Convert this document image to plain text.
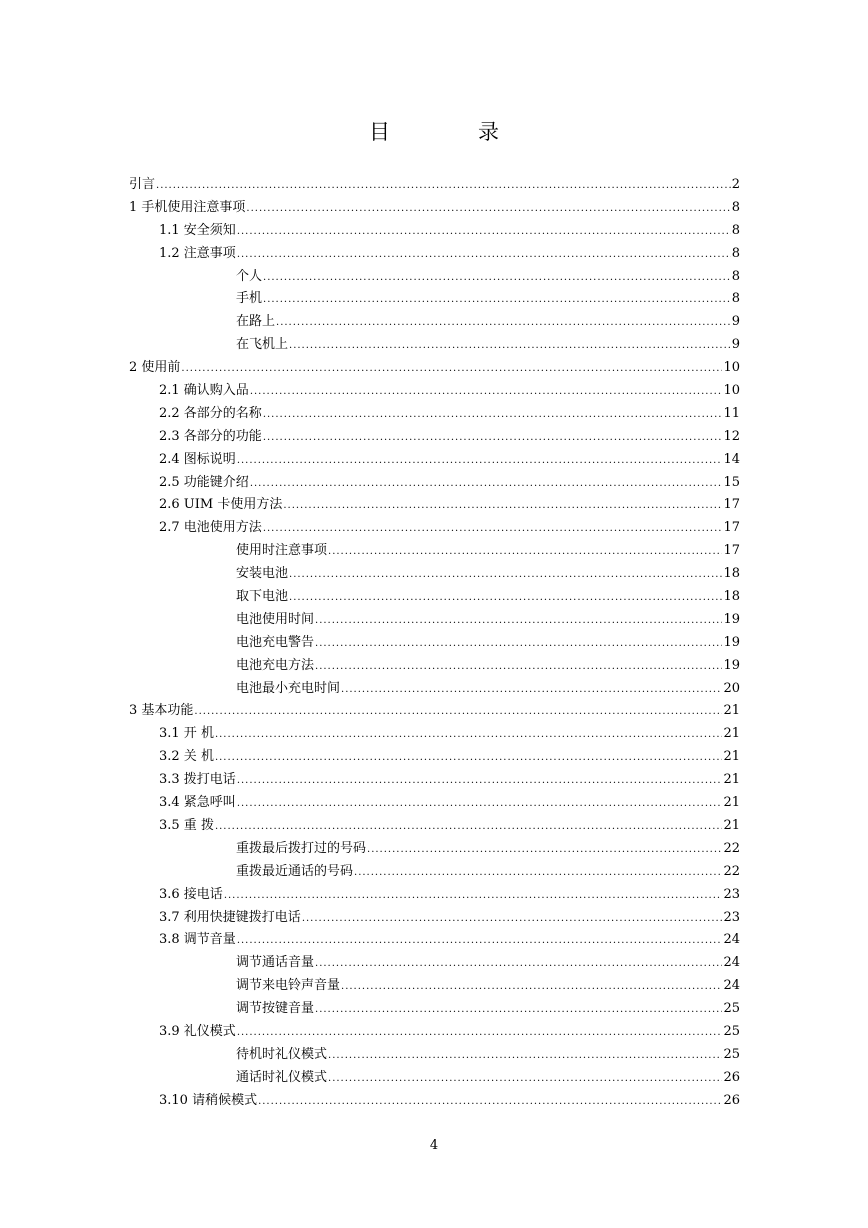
目	录
引言 .....	2
1 手机使用注意事项 .....	8
1.1 安全须知 .....	8
1.2 注意事项 .....	8
个人 .....	8
手机 .....	8
在路上 .....	9
在飞机上 .....	9
2 使用前 .....	10
2.1 确认购入品 .....	10
2.2 各部分的名称 .....	11
2.3 各部分的功能 .....	12
2.4 图标说明 .....	14
2.5 功能键介绍 .....	15
2.6 UIM 卡使用方法 .....	17
2.7 电池使用方法 .....	17
使用时注意事项 .....	17
安装电池 .....	18
取下电池 .....	18
电池使用时间 .....	19
电池充电警告 .....	19
电池充电方法 .....	19
电池最小充电时间 .....	20
3 基本功能 .....	21
3.1 开 机 .....	21
3.2 关 机 .....	21
3.3 拨打电话 .....	21
3.4 紧急呼叫 .....	21
3.5 重 拨 .....	21
重拨最后拨打过的号码 .....	22
重拨最近通话的号码 .....	22
3.6 接电话 .....	23
3.7 利用快捷键拨打电话 .....	23
3.8 调节音量 .....	24
调节通话音量 .....	24
调节来电铃声音量 .....	24
调节按键音量 .....	25
3.9 礼仪模式 .....	25
待机时礼仪模式 .....	25
通话时礼仪模式 .....	26
3.10 请稍候模式 .....	26
4
